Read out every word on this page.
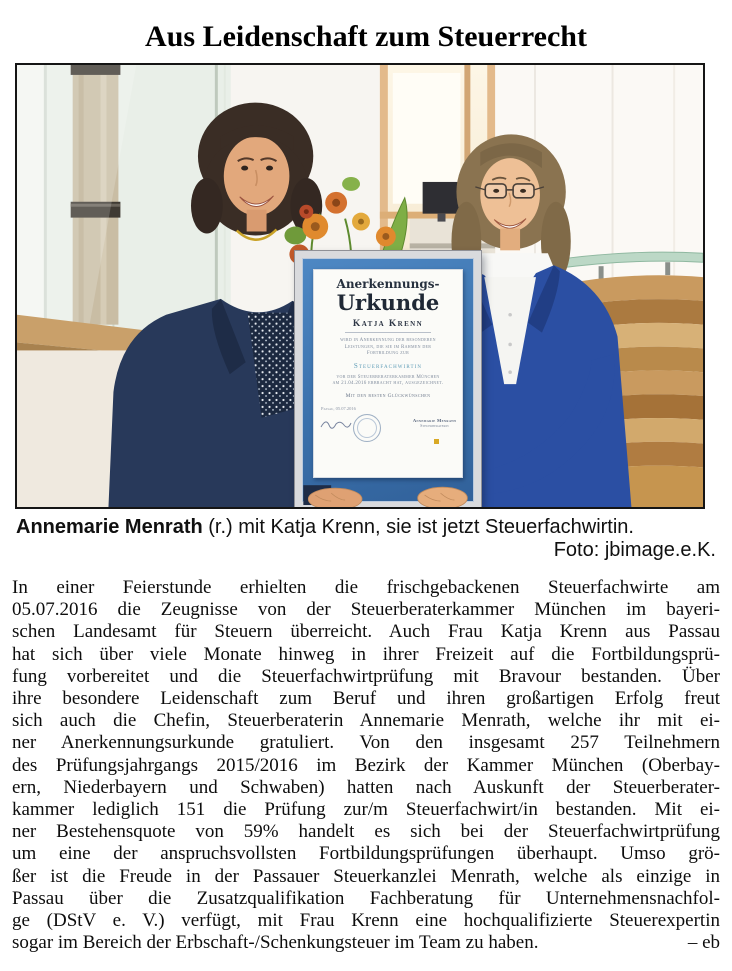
Aus Leidenschaft zum Steuerrecht
Anerkennungs-
Urkunde
Katja Krenn
wird in Anerkennung der besonderen
Leistungen, die sie im Rahmen der
Fortbildung zur
Steuerfachwirtin
vor der Steuerberaterkammer München
am 21.04.2016 erbracht hat, ausgezeichnet.
Mit den besten Glückwünschen
Passau, 05.07.2016
Annemarie Menrath
Steuerberaterin
Annemarie Menrath (r.) mit Katja Krenn, sie ist jetzt Steuerfachwirtin.
Foto: jbimage.e.K.
In einer Feierstunde erhielten die frischgebackenen Steuerfachwirte am
05.07.2016 die Zeugnisse von der Steuerberaterkammer München im bayeri-
schen Landesamt für Steuern überreicht. Auch Frau Katja Krenn aus Passau
hat sich über viele Monate hinweg in ihrer Freizeit auf die Fortbildungsprü-
fung vorbereitet und die Steuerfachwirtprüfung mit Bravour bestanden. Über
ihre besondere Leidenschaft zum Beruf und ihren großartigen Erfolg freut
sich auch die Chefin, Steuerberaterin Annemarie Menrath, welche ihr mit ei-
ner Anerkennungsurkunde gratuliert. Von den insgesamt 257 Teilnehmern
des Prüfungsjahrgangs 2015/2016 im Bezirk der Kammer München (Oberbay-
ern, Niederbayern und Schwaben) hatten nach Auskunft der Steuerberater-
kammer lediglich 151 die Prüfung zur/m Steuerfachwirt/in bestanden. Mit ei-
ner Bestehensquote von 59% handelt es sich bei der Steuerfachwirtprüfung
um eine der anspruchsvollsten Fortbildungsprüfungen überhaupt. Umso grö-
ßer ist die Freude in der Passauer Steuerkanzlei Menrath, welche als einzige in
Passau über die Zusatzqualifikation Fachberatung für Unternehmensnachfol-
ge (DStV e. V.) verfügt, mit Frau Krenn eine hochqualifizierte Steuerexpertin
sogar im Bereich der Erbschaft-/Schenkungsteuer im Team zu haben.	– eb
